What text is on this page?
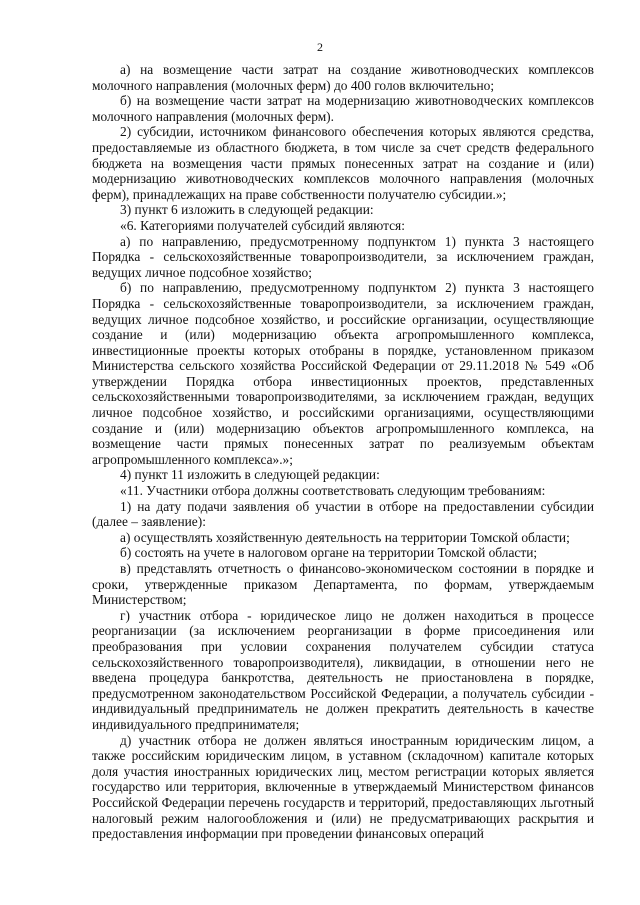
2

а) на возмещение части затрат на создание животноводческих комплексов молочного направления (молочных ферм) до 400 голов включительно;

б) на возмещение части затрат на модернизацию животноводческих комплексов молочного направления (молочных ферм).

2) субсидии, источником финансового обеспечения которых являются средства, предоставляемые из областного бюджета, в том числе за счет средств федерального бюджета на возмещения части прямых понесенных затрат на создание и (или) модернизацию животноводческих комплексов молочного направления (молочных ферм), принадлежащих на праве собственности получателю субсидии.»;

3) пункт 6 изложить в следующей редакции:

«6. Категориями получателей субсидий являются:

а) по направлению, предусмотренному подпунктом 1) пункта 3 настоящего Порядка - сельскохозяйственные товаропроизводители, за исключением граждан, ведущих личное подсобное хозяйство;

б) по направлению, предусмотренному подпунктом 2) пункта 3 настоящего Порядка - сельскохозяйственные товаропроизводители, за исключением граждан, ведущих личное подсобное хозяйство, и российские организации, осуществляющие создание и (или) модернизацию объекта агропромышленного комплекса, инвестиционные проекты которых отобраны в порядке, установленном приказом Министерства сельского хозяйства Российской Федерации от 29.11.2018 № 549 «Об утверждении Порядка отбора инвестиционных проектов, представленных сельскохозяйственными товаропроизводителями, за исключением граждан, ведущих личное подсобное хозяйство, и российскими организациями, осуществляющими создание и (или) модернизацию объектов агропромышленного комплекса, на возмещение части прямых понесенных затрат по реализуемым объектам агропромышленного комплекса».»;

4) пункт 11 изложить в следующей редакции:

«11. Участники отбора должны соответствовать следующим требованиям:

1) на дату подачи заявления об участии в отборе на предоставлении субсидии (далее – заявление):

а) осуществлять хозяйственную деятельность на территории Томской области;

б) состоять на учете в налоговом органе на территории Томской области;

в) представлять отчетность о финансово-экономическом состоянии в порядке и сроки, утвержденные приказом Департамента, по формам, утверждаемым Министерством;

г) участник отбора - юридическое лицо не должен находиться в процессе реорганизации (за исключением реорганизации в форме присоединения или преобразования при условии сохранения получателем субсидии статуса сельскохозяйственного товаропроизводителя), ликвидации, в отношении него не введена процедура банкротства, деятельность не приостановлена в порядке, предусмотренном законодательством Российской Федерации, а получатель субсидии - индивидуальный предприниматель не должен прекратить деятельность в качестве индивидуального предпринимателя;

д) участник отбора не должен являться иностранным юридическим лицом, а также российским юридическим лицом, в уставном (складочном) капитале которых доля участия иностранных юридических лиц, местом регистрации которых является государство или территория, включенные в утверждаемый Министерством финансов Российской Федерации перечень государств и территорий, предоставляющих льготный налоговый режим налогообложения и (или) не предусматривающих раскрытия и предоставления информации при проведении финансовых операций
